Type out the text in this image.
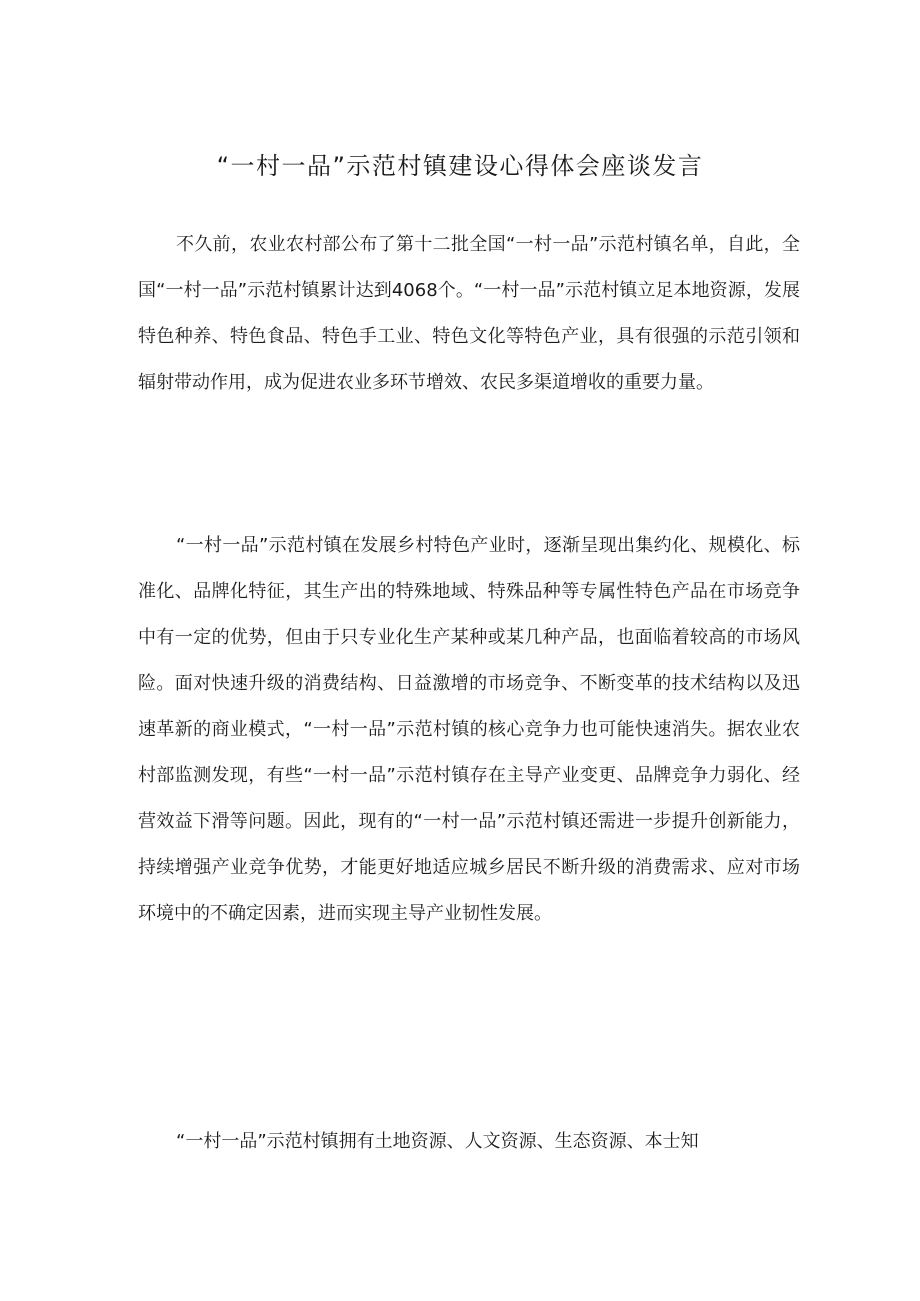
“一村一品”示范村镇建设心得体会座谈发言

不久前，农业农村部公布了第十二批全国“一村一品”示范村镇名单，自此，全国“一村一品”示范村镇累计达到4068个。“一村一品”示范村镇立足本地资源，发展特色种养、特色食品、特色手工业、特色文化等特色产业，具有很强的示范引领和辐射带动作用，成为促进农业多环节增效、农民多渠道增收的重要力量。

“一村一品”示范村镇在发展乡村特色产业时，逐渐呈现出集约化、规模化、标准化、品牌化特征，其生产出的特殊地域、特殊品种等专属性特色产品在市场竞争中有一定的优势，但由于只专业化生产某种或某几种产品，也面临着较高的市场风险。面对快速升级的消费结构、日益激增的市场竞争、不断变革的技术结构以及迅速革新的商业模式，“一村一品”示范村镇的核心竞争力也可能快速消失。据农业农村部监测发现，有些“一村一品”示范村镇存在主导产业变更、品牌竞争力弱化、经营效益下滑等问题。因此，现有的“一村一品”示范村镇还需进一步提升创新能力，持续增强产业竞争优势，才能更好地适应城乡居民不断升级的消费需求、应对市场环境中的不确定因素，进而实现主导产业韧性发展。

“一村一品”示范村镇拥有土地资源、人文资源、生态资源、本士知
